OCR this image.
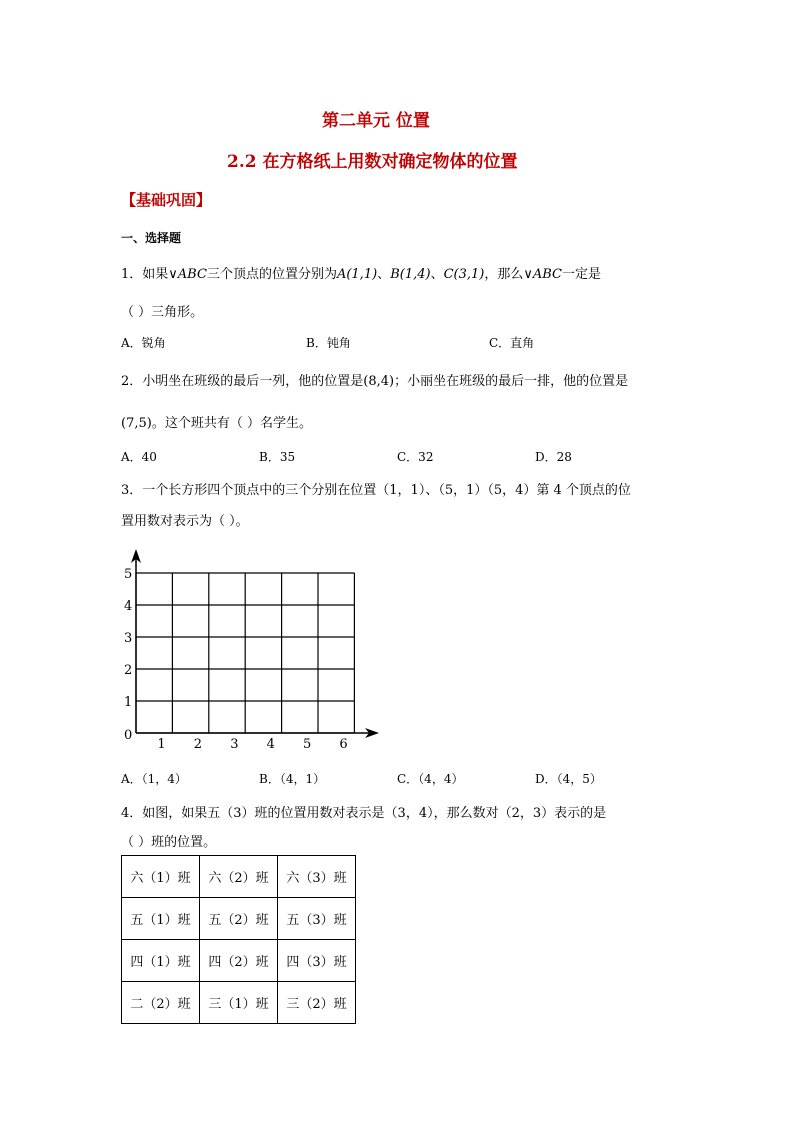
第二单元 位置
2.2 在方格纸上用数对确定物体的位置
【基础巩固】
一、选择题
1．如果∨ABC三个顶点的位置分别为A(1,1)、B(1,4)、C(3,1)，那么∨ABC一定是
（ ）三角形。
A．锐角	B．钝角	C．直角
2．小明坐在班级的最后一列，他的位置是(8,4)；小丽坐在班级的最后一排，他的位置是
(7,5)。这个班共有（ ）名学生。
A．40	B．35	C．32	D．28
3．一个长方形四个顶点中的三个分别在位置（1，1）、（5，1）（5，4）第 4 个顶点的位
置用数对表示为（ ）。
1 2 3 4 5 6
1
2
3
4
5
0
A．（1，4）	B．（4，1）	C．（4，4）	D．（4，5）
4．如图，如果五（3）班的位置用数对表示是（3，4），那么数对（2，3）表示的是
（ ）班的位置。
六（1）班	六（2）班	六（3）班
五（1）班	五（2）班	五（3）班
四（1）班	四（2）班	四（3）班
二（2）班	三（1）班	三（2）班
